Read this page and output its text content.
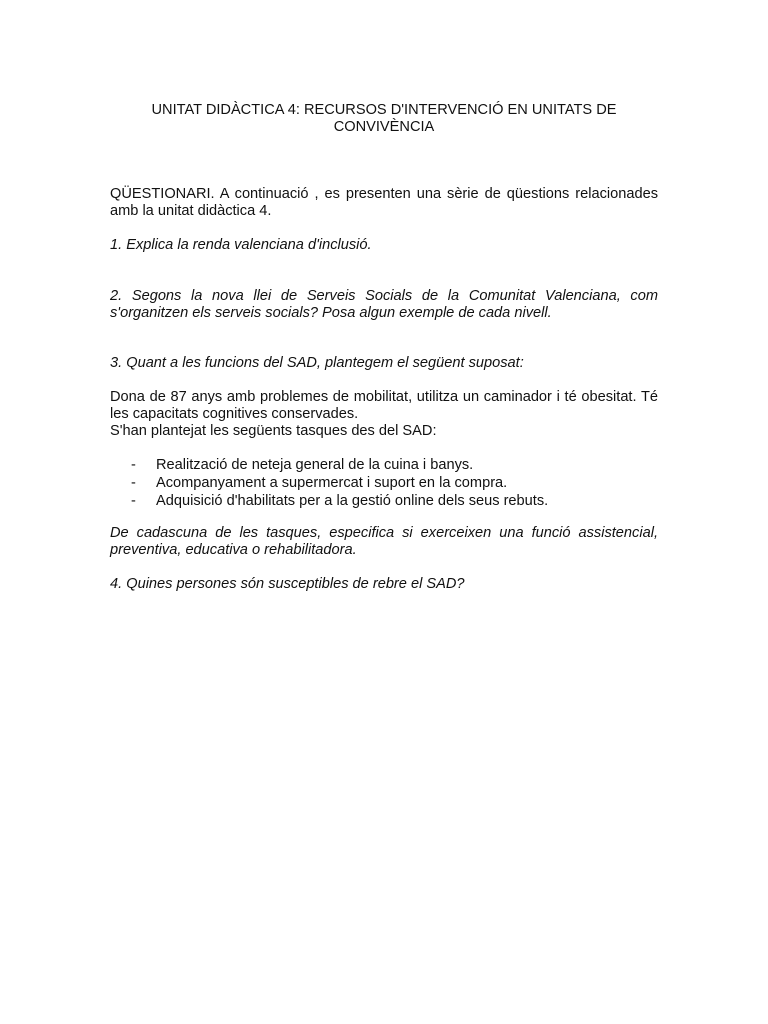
UNITAT DIDÀCTICA 4: RECURSOS D'INTERVENCIÓ EN UNITATS DE
CONVIVÈNCIA

QÜESTIONARI. A continuació , es presenten una sèrie de qüestions relacionades amb la unitat didàctica 4.

1. Explica la renda valenciana d'inclusió.

2. Segons la nova llei de Serveis Socials de la Comunitat Valenciana, com s'organitzen els serveis socials? Posa algun exemple de cada nivell.

3. Quant a les funcions del SAD, plantegem el següent suposat:

Dona de 87 anys amb problemes de mobilitat, utilitza un caminador i té obesitat. Té les capacitats cognitives conservades.
S'han plantejat les següents tasques des del SAD:
- Realització de neteja general de la cuina i banys.
- Acompanyament a supermercat i suport en la compra.
- Adquisició d'habilitats per a la gestió online dels seus rebuts.

De cadascuna de les tasques, especifica si exerceixen una funció assistencial, preventiva, educativa o rehabilitadora.

4. Quines persones són susceptibles de rebre el SAD?
